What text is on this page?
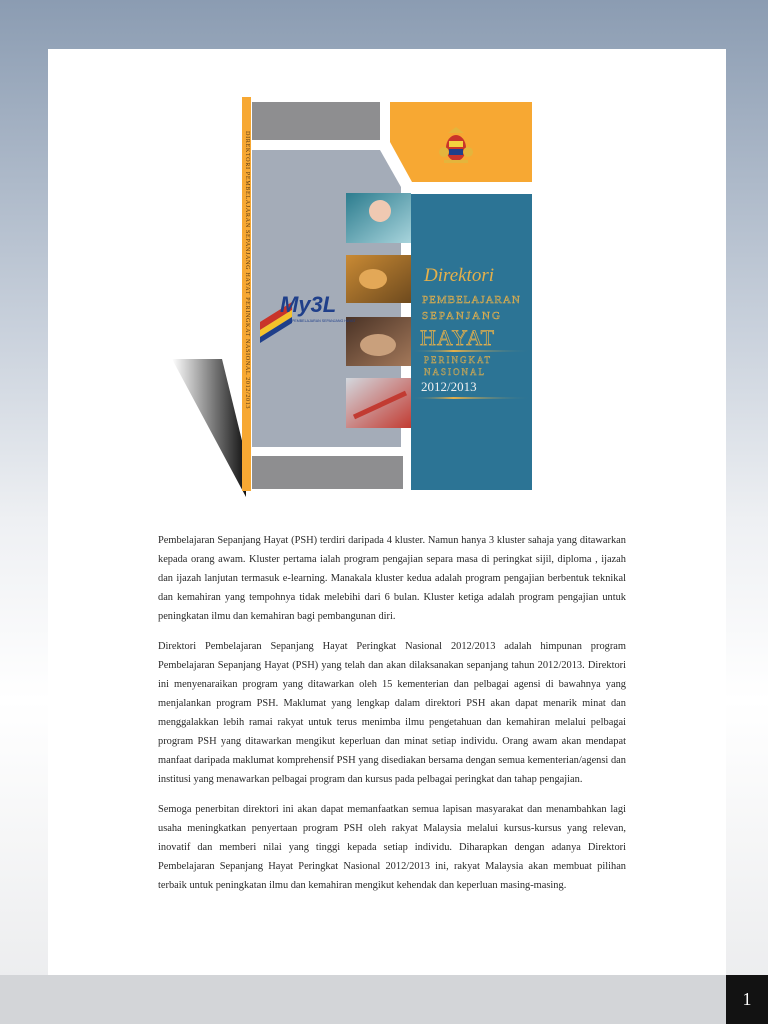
My3L
PEMBELAJARAN SEPANJANG HAYAT
DIREKTORI PEMBELAJARAN SEPANJANG HAYAT PERINGKAT NASIONAL 2012/2013	Direktori
PEMBELAJARAN
SEPANJANG
HAYAT
PERINGKAT
NASIONAL
2012/2013

Pembelajaran Sepanjang Hayat (PSH) terdiri daripada 4 kluster. Namun hanya 3 kluster sahaja yang ditawarkan kepada orang awam. Kluster pertama ialah program pengajian separa masa di peringkat sijil, diploma , ijazah dan ijazah lanjutan termasuk e-learning. Manakala kluster kedua adalah program pengajian berbentuk teknikal dan kemahiran yang tempohnya tidak melebihi dari 6 bulan. Kluster ketiga adalah program pengajian untuk peningkatan ilmu dan kemahiran bagi pembangunan diri.

Direktori Pembelajaran Sepanjang Hayat Peringkat Nasional 2012/2013 adalah himpunan program Pembelajaran Sepanjang Hayat (PSH) yang telah dan akan dilaksanakan sepanjang tahun 2012/2013. Direktori ini menyenaraikan program yang ditawarkan oleh 15 kementerian dan pelbagai agensi di bawahnya yang menjalankan program PSH. Maklumat yang lengkap dalam direktori PSH akan dapat menarik minat dan menggalakkan lebih ramai rakyat untuk terus menimba ilmu pengetahuan dan kemahiran melalui pelbagai program PSH yang ditawarkan mengikut keperluan dan minat setiap individu. Orang awam akan mendapat manfaat daripada maklumat komprehensif PSH yang disediakan bersama dengan semua kementerian/agensi dan institusi yang menawarkan pelbagai program dan kursus pada pelbagai peringkat dan tahap pengajian.

Semoga penerbitan direktori ini akan dapat memanfaatkan semua lapisan masyarakat dan menambahkan lagi usaha meningkatkan penyertaan program PSH oleh rakyat Malaysia melalui kursus-kursus yang relevan, inovatif dan memberi nilai yang tinggi kepada setiap individu. Diharapkan dengan adanya Direktori Pembelajaran Sepanjang Hayat Peringkat Nasional 2012/2013 ini, rakyat Malaysia akan membuat pilihan terbaik untuk peningkatan ilmu dan kemahiran mengikut kehendak dan keperluan masing-masing.

1
